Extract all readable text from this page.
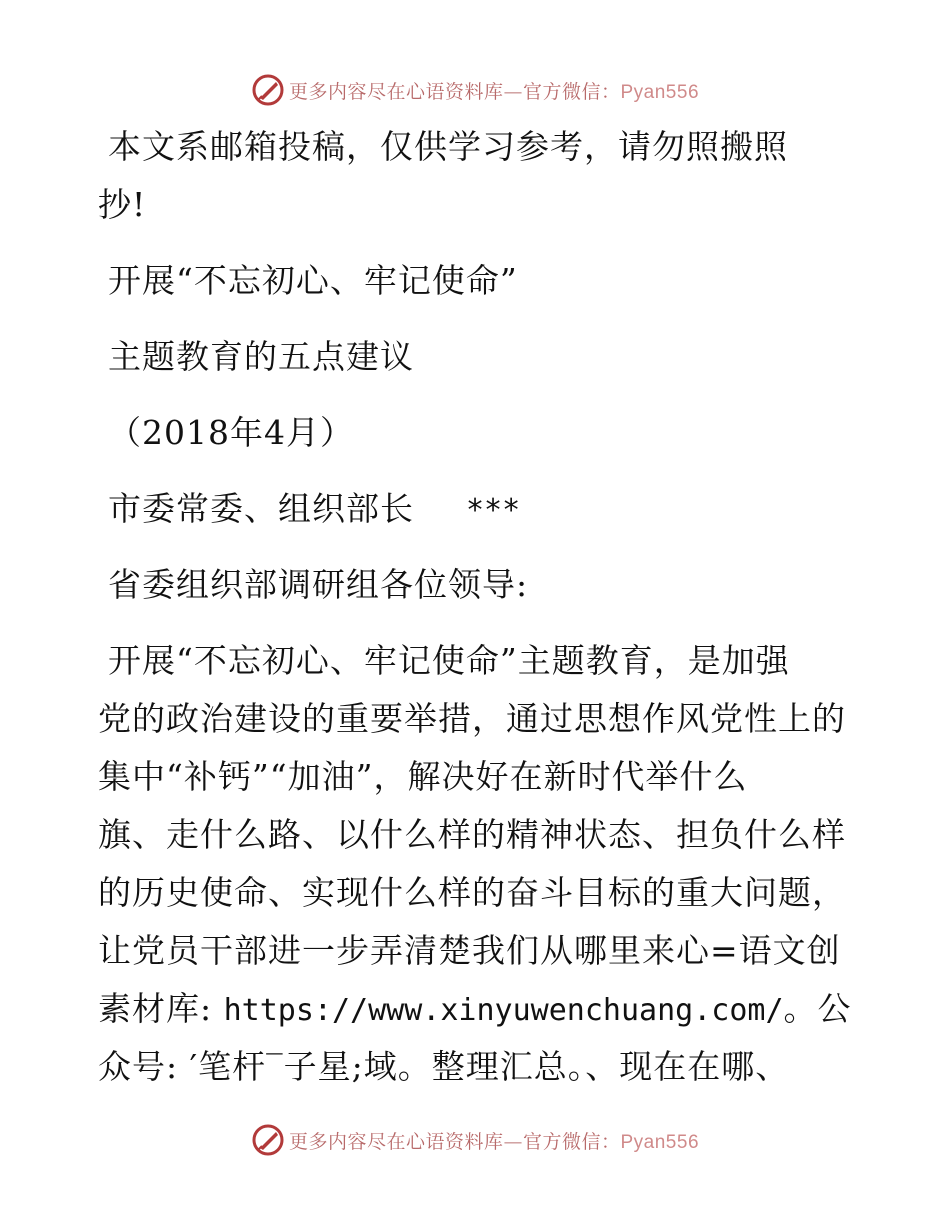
更多内容尽在心语资料库—官方微信：Pyan556
本文系邮箱投稿，仅供学习参考，请勿照搬照
抄!
开展“不忘初心、牢记使命”
主题教育的五点建议
（2018年4月）
市委常委、组织部长 ***
省委组织部调研组各位领导:
开展“不忘初心、牢记使命”主题教育，是加强
党的政治建设的重要举措，通过思想作风党性上的
集中“补钙”“加油”，解决好在新时代举什么
旗、走什么路、以什么样的精神状态、担负什么样
的历史使命、实现什么样的奋斗目标的重大问题，
让党员干部进一步弄清楚我们从哪里来心=语文创
素材库: https://www.xinyuwenchuang.com/。公
众号: ′笔杆‾子星;域。整理汇总。、现在在哪、
更多内容尽在心语资料库—官方微信：Pyan556
